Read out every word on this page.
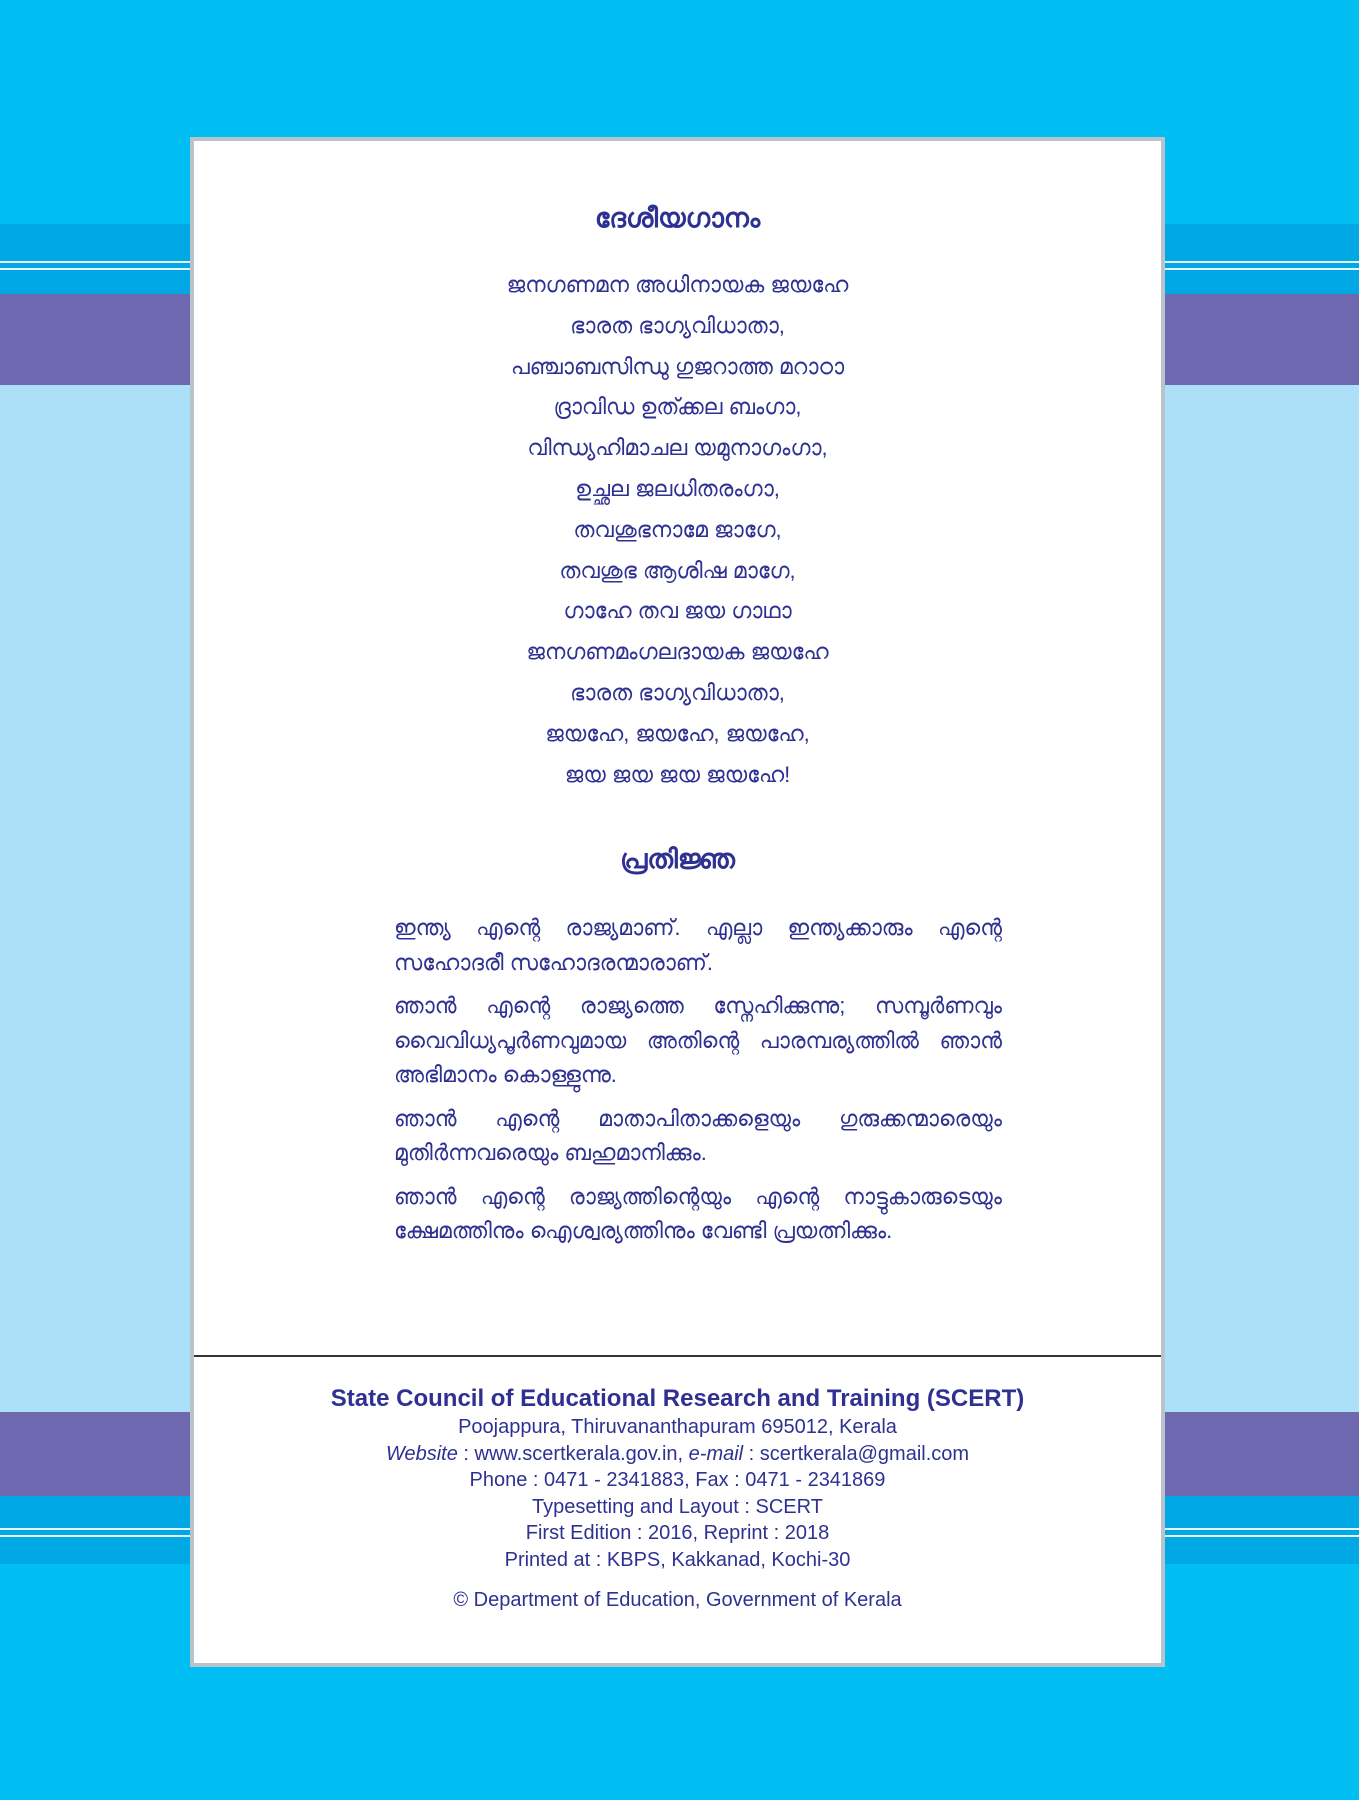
ദേശീയഗാനം
ജനഗണമന അധിനായക ജയഹേ
ഭാരത ഭാഗ്യവിധാതാ,
പഞ്ചാബസിന്ധു ഗുജറാത്ത മറാഠാ
ദ്രാവിഡ ഉത്ക്കല ബംഗാ,
വിന്ധ്യഹിമാചല യമുനാഗംഗാ,
ഉച്ഛല ജലധിതരംഗാ,
തവശുഭനാമേ ജാഗേ,
തവശുഭ ആശിഷ മാഗേ,
ഗാഹേ തവ ജയ ഗാഥാ
ജനഗണമംഗലദായക ജയഹേ
ഭാരത ഭാഗ്യവിധാതാ,
ജയഹേ, ജയഹേ, ജയഹേ,
ജയ ജയ ജയ ജയഹേ!
പ്രതിജ്ഞ

ഇന്ത്യ എന്റെ രാജ്യമാണ്. എല്ലാ ഇന്ത്യക്കാരും എന്റെ സഹോദരീ സഹോദരന്മാരാണ്.

ഞാൻ എന്റെ രാജ്യത്തെ സ്നേഹിക്കുന്നു; സമ്പൂർണവും വൈവിധ്യപൂർണവുമായ അതിന്റെ പാരമ്പര്യത്തിൽ ഞാൻ അഭിമാനം കൊള്ളുന്നു.

ഞാൻ എന്റെ മാതാപിതാക്കളെയും ഗുരുക്കന്മാരെയും മുതിർന്നവരെയും ബഹുമാനിക്കും.

ഞാൻ എന്റെ രാജ്യത്തിന്റെയും എന്റെ നാട്ടുകാരുടെയും ക്ഷേമത്തിനും ഐശ്വര്യത്തിനും വേണ്ടി പ്രയത്നിക്കും.

State Council of Educational Research and Training (SCERT)
Poojappura, Thiruvananthapuram 695012, Kerala
Website : www.scertkerala.gov.in, e-mail : scertkerala@gmail.com
Phone : 0471 - 2341883, Fax : 0471 - 2341869
Typesetting and Layout : SCERT
First Edition : 2016, Reprint : 2018
Printed at : KBPS, Kakkanad, Kochi-30
© Department of Education, Government of Kerala
